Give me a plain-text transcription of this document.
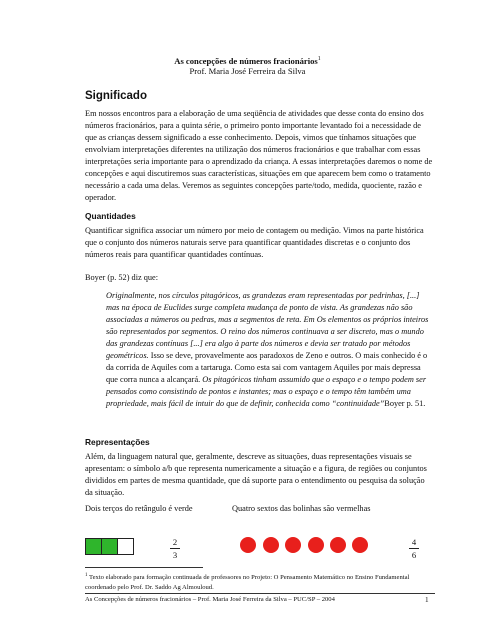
As concepções de números fracionários$^1$
Prof. Maria José Ferreira da Silva
Significado
Em nossos encontros para a elaboração de uma seqüência de atividades que desse conta do ensino dos números fracionários, para a quinta série, o primeiro ponto importante levantado foi a necessidade de que as crianças dessem significado a esse conhecimento. Depois, vimos que tínhamos situações que envolviam interpretações diferentes na utilização dos números fracionários e que trabalhar com essas interpretações seria importante para o aprendizado da criança. A essas interpretações daremos o nome de concepções e aqui discutiremos suas características, situações em que aparecem bem como o tratamento necessário a cada uma delas. Veremos as seguintes concepções parte/todo, medida, quociente, razão e operador.
Quantidades
Quantificar significa associar um número por meio de contagem ou medição. Vimos na parte histórica que o conjunto dos números naturais serve para quantificar quantidades discretas e o conjunto dos números reais para quantificar quantidades contínuas.
Boyer (p. 52) diz que:
Originalmente, nos círculos pitagóricos, as grandezas eram representadas por pedrinhas, [...] mas na época de Euclides surge completa mudança de ponto de vista. As grandezas não são associadas a números ou pedras, mas a segmentos de reta. Em Os elementos os próprios inteiros são representados por segmentos. O reino dos números continuava a ser discreto, mas o mundo das grandezas contínuas [...] era algo à parte dos números e devia ser tratado por métodos geométricos. Isso se deve, provavelmente aos paradoxos de Zeno e outros. O mais conhecido é o da corrida de Aquiles com a tartaruga. Como esta sai com vantagem Aquiles por mais depressa que corra nunca a alcançará. Os pitagóricos tinham assumido que o espaço e o tempo podem ser pensados como consistindo de pontos e instantes; mas o espaço e o tempo têm também uma propriedade, mais fácil de intuir do que de definir, conhecida como “continuidade”Boyer p. 51.
Representações
Além, da linguagem natural que, geralmente, descreve as situações, duas representações visuais se apresentam: o símbolo a/b que representa numericamente a situação e a figura, de regiões ou conjuntos divididos em partes de mesma quantidade, que dá suporte para o entendimento ou pesquisa da solução da situação.
Dois terços do retângulo é verde
2
3
Quatro sextos das bolinhas são vermelhas
4
6
$^1$ Texto elaborado para formação continuada de professores no Projeto: O Pensamento Matemático no Ensino Fundamental coordenado pelo Prof. Dr. Saddo Ag Almouloud.
As Concepções de números fracionários – Prof. Maria José Ferreira da Silva – PUC/SP – 2004	1
